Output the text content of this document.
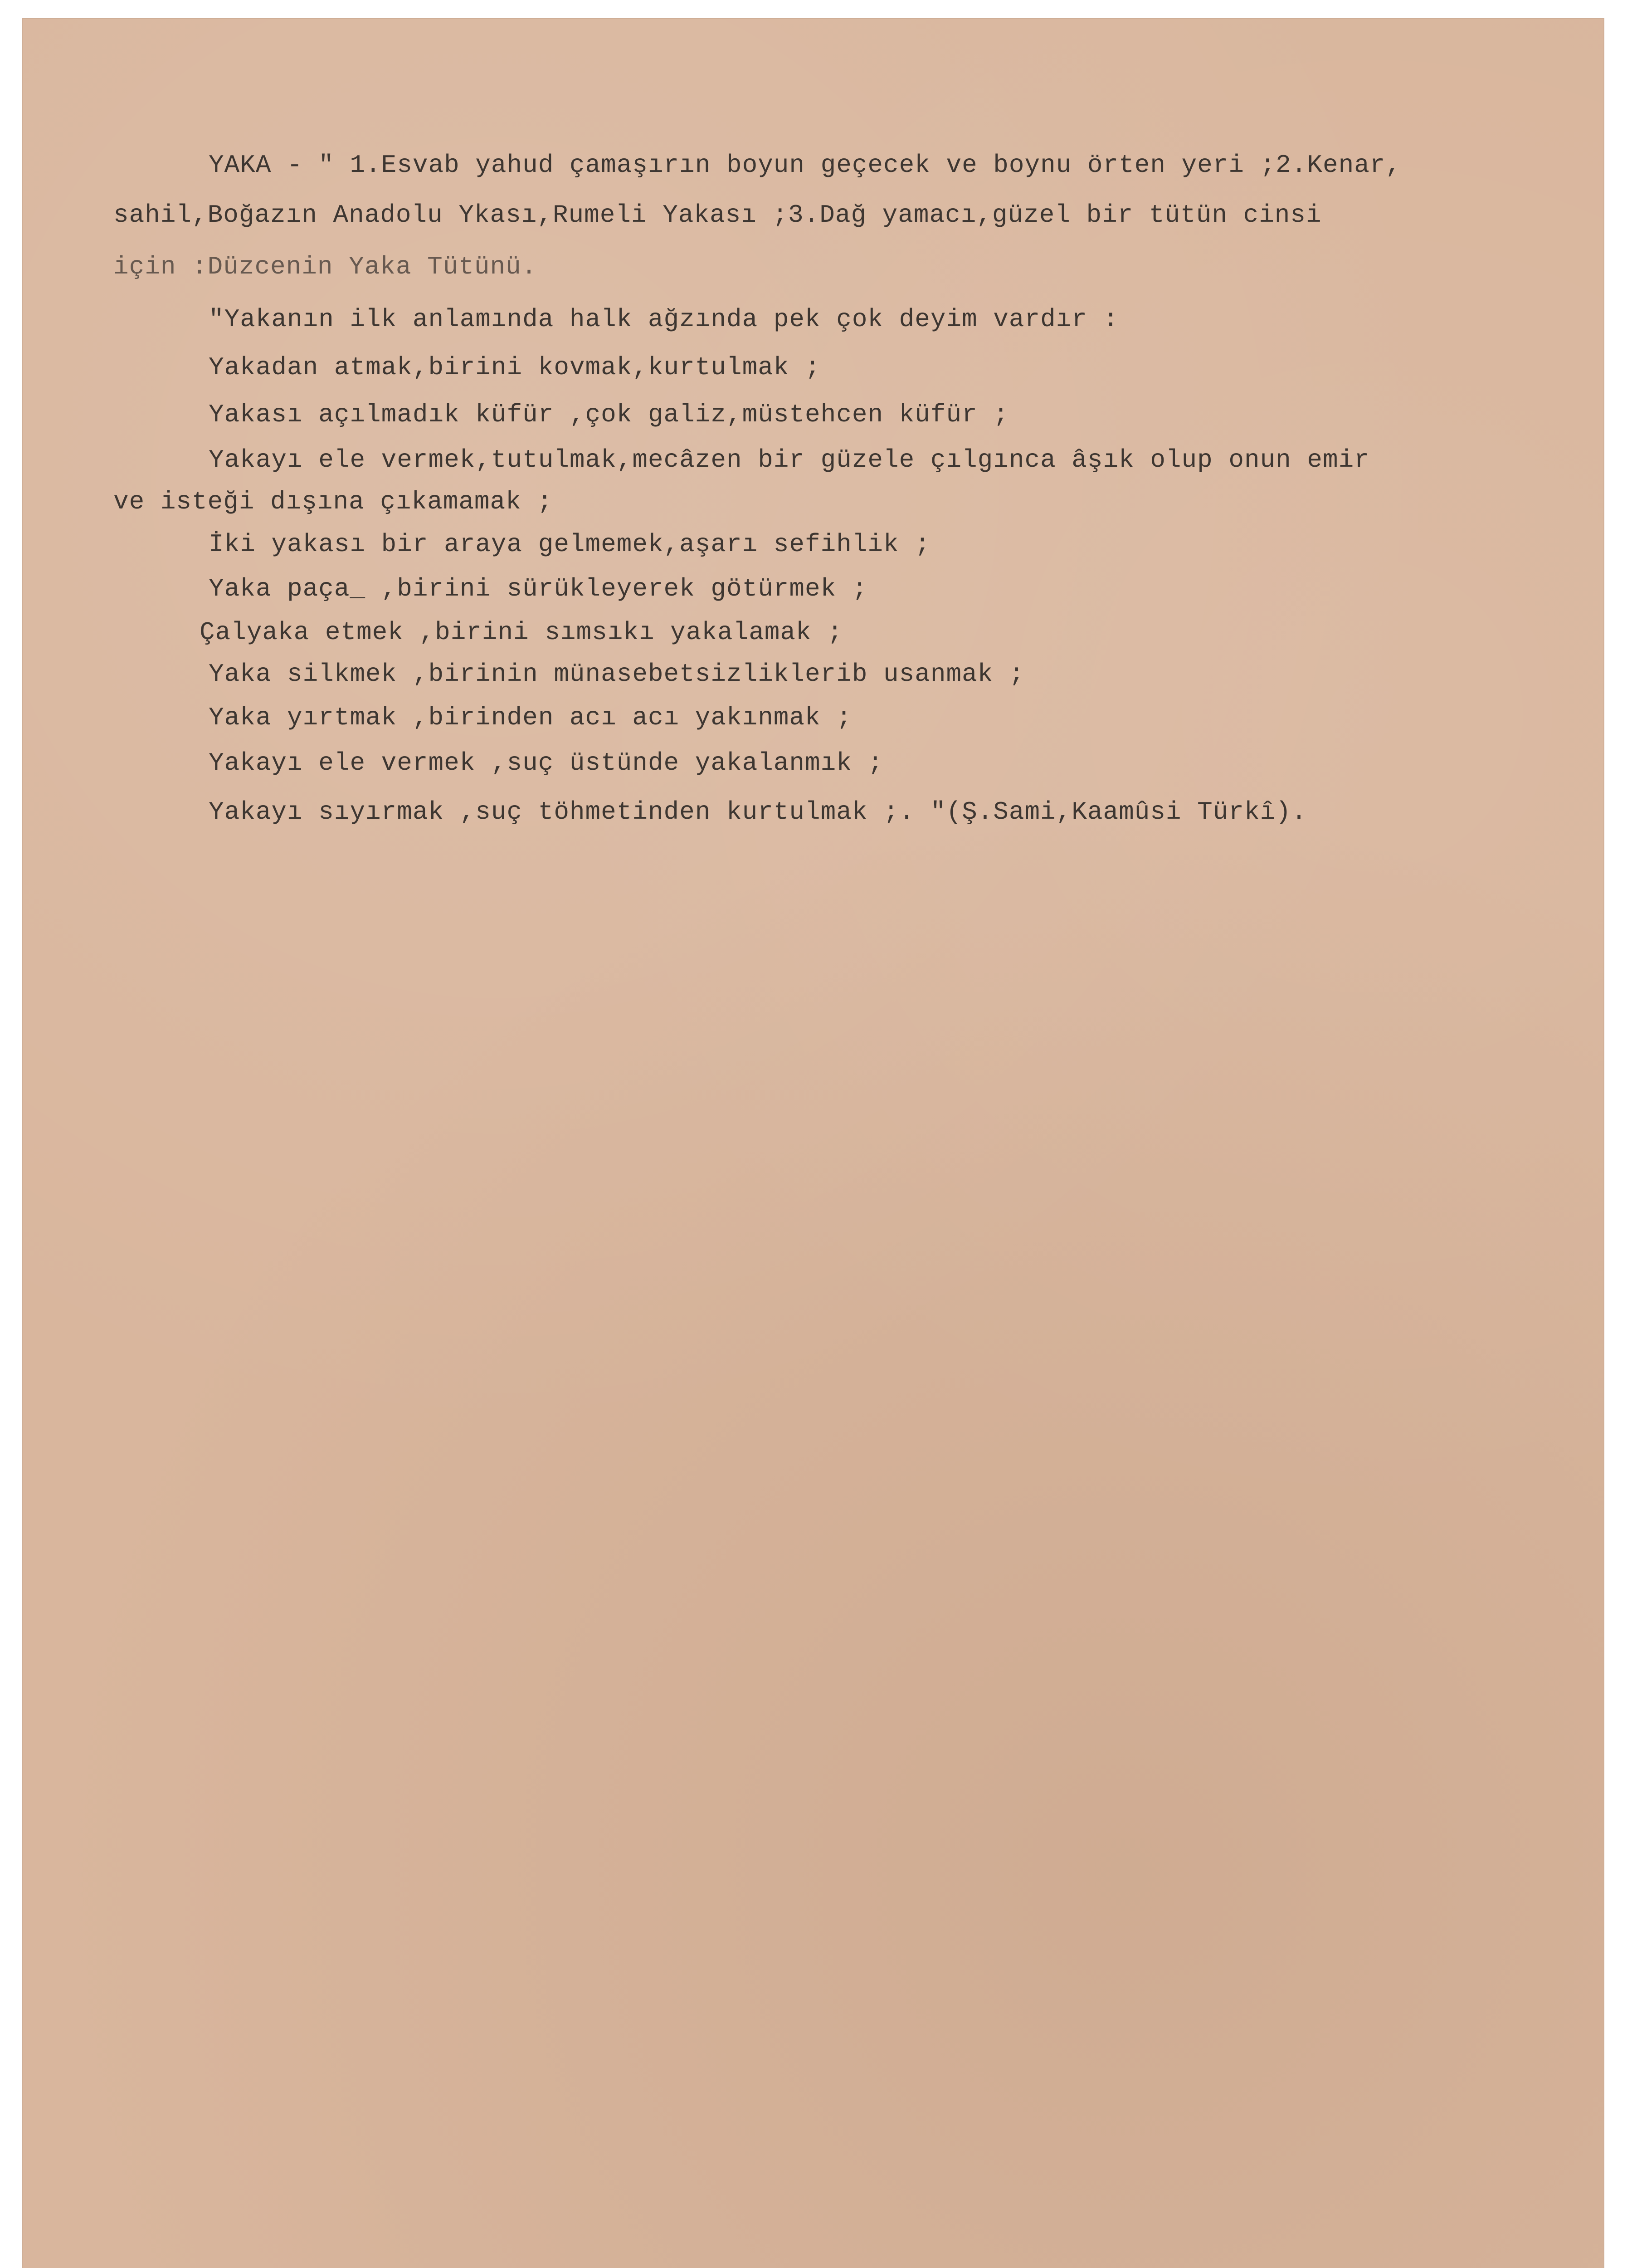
YAKA - " 1.Esvab yahud çamaşırın boyun geçecek ve boynu örten yeri ;2.Kenar,
sahil,Boğazın Anadolu Ykası,Rumeli Yakası ;3.Dağ yamacı,güzel bir tütün cinsi
için :Düzcenin Yaka Tütünü.
"Yakanın ilk anlamında halk ağzında pek çok deyim vardır :
Yakadan atmak,birini kovmak,kurtulmak ;
Yakası açılmadık küfür ,çok galiz,müstehcen küfür ;
Yakayı ele vermek,tutulmak,mecâzen bir güzele çılgınca âşık olup onun emir
ve isteği dışına çıkamamak ;
İki yakası bir araya gelmemek,aşarı sefihlik ;
Yaka paça_ ,birini sürükleyerek götürmek ;
Çalyaka etmek ,birini sımsıkı yakalamak ;
Yaka silkmek ,birinin münasebetsizliklerib usanmak ;
Yaka yırtmak ,birinden acı acı yakınmak ;
Yakayı ele vermek ,suç üstünde yakalanmık ;
Yakayı sıyırmak ,suç töhmetinden kurtulmak ;. "(Ş.Sami,Kaamûsi Türkî).
